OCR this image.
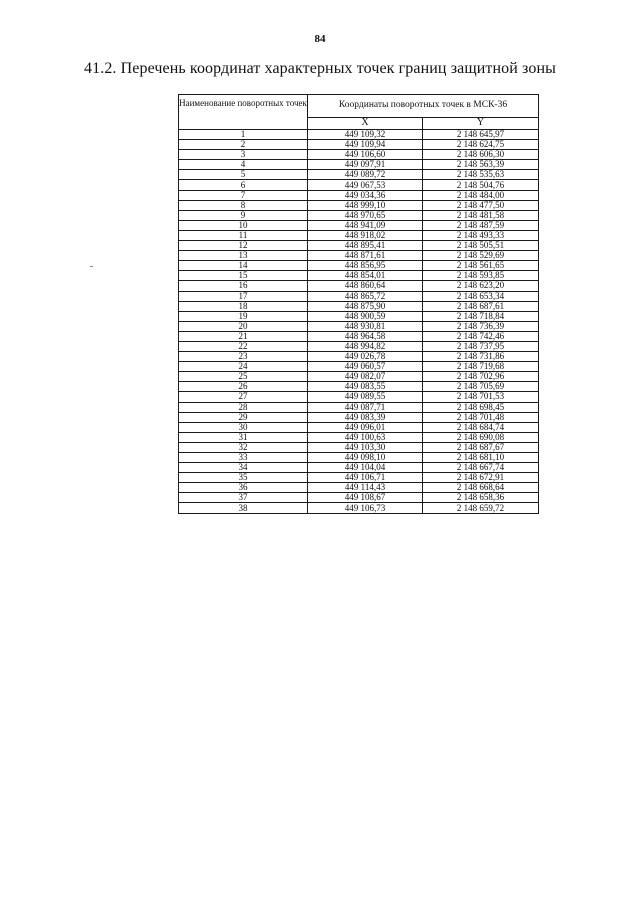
84
41.2. Перечень координат характерных точек границ защитной зоны
Наименование поворотных точек	Координаты поворотных точек в МСК-36	
	X	Y
1	449 109,32	2 148 645,97
2	449 109,94	2 148 624,75
3	449 106,60	2 148 606,30
4	449 097,91	2 148 563,39
5	449 089,72	2 148 535,63
6	449 067,53	2 148 504,76
7	449 034,36	2 148 484,00
8	448 999,10	2 148 477,50
9	448 970,65	2 148 481,58
10	448 941,09	2 148 487,59
11	448 918,02	2 148 493,33
12	448 895,41	2 148 505,51
13	448 871,61	2 148 529,69
14	448 856,95	2 148 561,65
15	448 854,01	2 148 593,85
16	448 860,64	2 148 623,20
17	448 865,72	2 148 653,34
18	448 875,90	2 148 687,61
19	448 900,59	2 148 718,84
20	448 930,81	2 148 736,39
21	448 964,58	2 148 742,46
22	448 994,82	2 148 737,95
23	449 026,78	2 148 731,86
24	449 060,57	2 148 719,68
25	449 082,07	2 148 702,96
26	449 083,55	2 148 705,69
27	449 089,55	2 148 701,53
28	449 087,71	2 148 698,45
29	449 083,39	2 148 701,48
30	449 096,01	2 148 684,74
31	449 100,63	2 148 690,08
32	449 103,30	2 148 687,67
33	449 098,10	2 148 681,10
34	449 104,04	2 148 667,74
35	449 106,71	2 148 672,91
36	449 114,43	2 148 668,64
37	449 108,67	2 148 658,36
38	449 106,73	2 148 659,72
